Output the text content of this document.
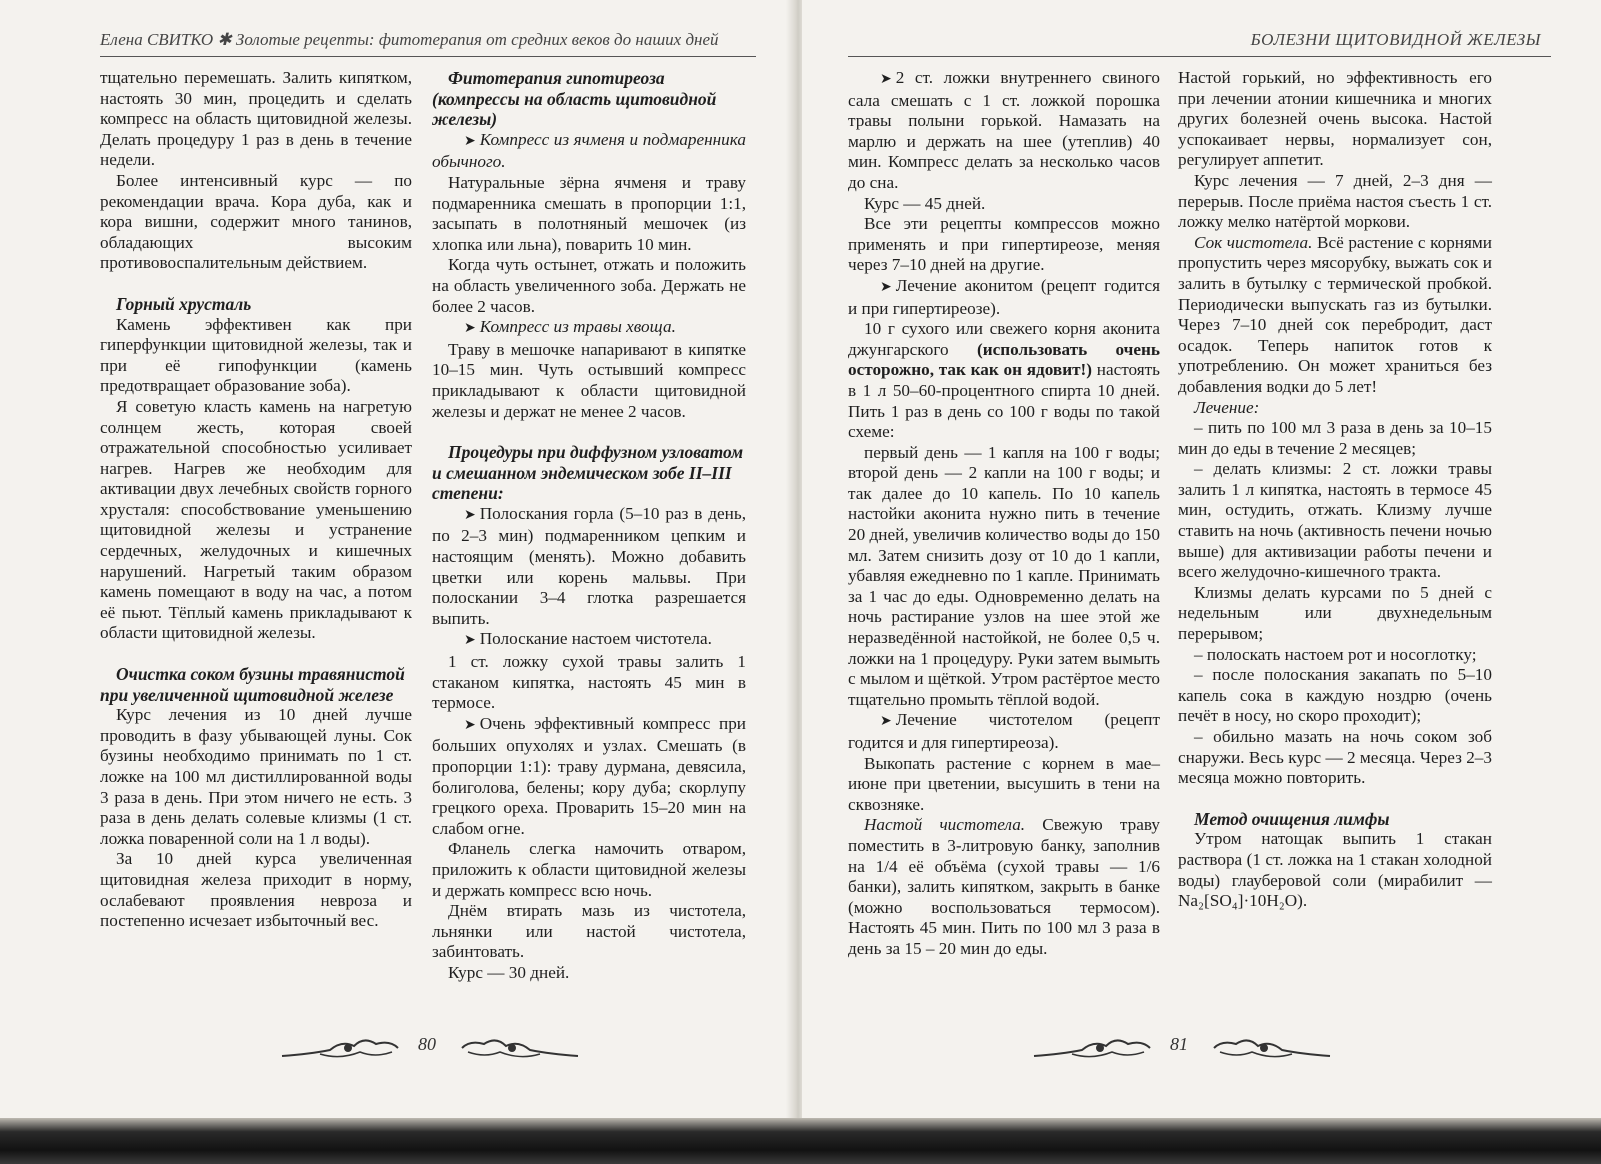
Елена СВИТКО ✱ Золотые рецепты: фитотерапия от средних веков до наших дней

тщательно перемешать. Залить кипятком, настоять 30 мин, процедить и сделать компресс на область щитовидной железы. Делать процедуру 1 раз в день в течение недели.

Более интенсивный курс — по рекомендации врача. Кора дуба, как и кора вишни, содержит много танинов, обладающих высоким противовоспалительным действием.

Горный хрусталь

Камень эффективен как при гиперфункции щитовидной железы, так и при её гипофункции (камень предотвращает образование зоба).

Я советую класть камень на нагретую солнцем жесть, которая своей отражательной способностью усиливает нагрев. Нагрев же необходим для активации двух лечебных свойств горного хрусталя: способствование уменьшению щитовидной железы и устранение сердечных, желудочных и кишечных нарушений. Нагретый таким образом камень помещают в воду на час, а потом её пьют. Тёплый камень прикладывают к области щитовидной железы.

Очистка соком бузины травянистой при увеличенной щитовидной железе

Курс лечения из 10 дней лучше проводить в фазу убывающей луны. Сок бузины необходимо принимать по 1 ст. ложке на 100 мл дистиллированной воды 3 раза в день. При этом ничего не есть. 3 раза в день делать солевые клизмы (1 ст. ложка поваренной соли на 1 л воды).

За 10 дней курса увеличенная щитовидная железа приходит в норму, ослабевают проявления невроза и постепенно исчезает избыточный вес.

Фитотерапия гипотиреоза (компрессы на область щитовидной железы)

➤ Компресс из ячменя и подмаренника обычного.

Натуральные зёрна ячменя и траву подмаренника смешать в пропорции 1:1, засыпать в полотняный мешочек (из хлопка или льна), поварить 10 мин.

Когда чуть остынет, отжать и положить на область увеличенного зоба. Держать не более 2 часов.

➤ Компресс из травы хвоща.

Траву в мешочке напаривают в кипятке 10–15 мин. Чуть остывший компресс прикладывают к области щитовидной железы и держат не менее 2 часов.

Процедуры при диффузном узловатом и смешанном эндемическом зобе II–III степени:

➤ Полоскания горла (5–10 раз в день, по 2–3 мин) подмаренником цепким и настоящим (менять). Можно добавить цветки или корень мальвы. При полоскании 3–4 глотка разрешается выпить.

➤ Полоскание настоем чистотела.

1 ст. ложку сухой травы залить 1 стаканом кипятка, настоять 45 мин в термосе.

➤ Очень эффективный компресс при больших опухолях и узлах. Смешать (в пропорции 1:1): траву дурмана, девясила, болиголова, белены; кору дуба; скорлупу грецкого ореха. Проварить 15–20 мин на слабом огне.

Фланель слегка намочить отваром, приложить к области щитовидной железы и держать компресс всю ночь.

Днём втирать мазь из чистотела, льнянки или настой чистотела, забинтовать.

Курс — 30 дней.

80
БОЛЕЗНИ ЩИТОВИДНОЙ ЖЕЛЕЗЫ

➤ 2 ст. ложки внутреннего свиного сала смешать с 1 ст. ложкой порошка травы полыни горькой. Намазать на марлю и держать на шее (утеплив) 40 мин. Компресс делать за несколько часов до сна.

Курс — 45 дней.

Все эти рецепты компрессов можно применять и при гипертиреозе, меняя через 7–10 дней на другие.

➤ Лечение аконитом (рецепт годится и при гипертиреозе).

10 г сухого или свежего корня аконита джунгарского (использовать очень осторожно, так как он ядовит!) настоять в 1 л 50–60-процентного спирта 10 дней. Пить 1 раз в день со 100 г воды по такой схеме:

первый день — 1 капля на 100 г воды; второй день — 2 капли на 100 г воды; и так далее до 10 капель. По 10 капель настойки аконита нужно пить в течение 20 дней, увеличив количество воды до 150 мл. Затем снизить дозу от 10 до 1 капли, убавляя ежедневно по 1 капле. Принимать за 1 час до еды. Одновременно делать на ночь растирание узлов на шее этой же неразведённой настойкой, не более 0,5 ч. ложки на 1 процедуру. Руки затем вымыть с мылом и щёткой. Утром растёртое место тщательно промыть тёплой водой.

➤ Лечение чистотелом (рецепт годится и для гипертиреоза).

Выкопать растение с корнем в мае–июне при цветении, высушить в тени на сквозняке.

Настой чистотела. Свежую траву поместить в 3-литровую банку, заполнив на 1/4 её объёма (сухой травы — 1/6 банки), залить кипятком, закрыть в банке (можно воспользоваться термосом). Настоять 45 мин. Пить по 100 мл 3 раза в день за 15 – 20 мин до еды.

Настой горький, но эффективность его при лечении атонии кишечника и многих других болезней очень высока. Настой успокаивает нервы, нормализует сон, регулирует аппетит.

Курс лечения — 7 дней, 2–3 дня — перерыв. После приёма настоя съесть 1 ст. ложку мелко натёртой моркови.

Сок чистотела. Всё растение с корнями пропустить через мясорубку, выжать сок и залить в бутылку с термической пробкой. Периодически выпускать газ из бутылки. Через 7–10 дней сок перебродит, даст осадок. Теперь напиток готов к употреблению. Он может храниться без добавления водки до 5 лет!

Лечение:

– пить по 100 мл 3 раза в день за 10–15 мин до еды в течение 2 месяцев;

– делать клизмы: 2 ст. ложки травы залить 1 л кипятка, настоять в термосе 45 мин, остудить, отжать. Клизму лучше ставить на ночь (активность печени ночью выше) для активизации работы печени и всего желудочно-кишечного тракта.

Клизмы делать курсами по 5 дней с недельным или двухнедельным перерывом;

– полоскать настоем рот и носоглотку;

– после полоскания закапать по 5–10 капель сока в каждую ноздрю (очень печёт в носу, но скоро проходит);

– обильно мазать на ночь соком зоб снаружи. Весь курс — 2 месяца. Через 2–3 месяца можно повторить.

Метод очищения лимфы

Утром натощак выпить 1 стакан раствора (1 ст. ложка на 1 стакан холодной воды) глауберовой соли (мирабилит — Na₂[SO₄]·10H₂O).

81
